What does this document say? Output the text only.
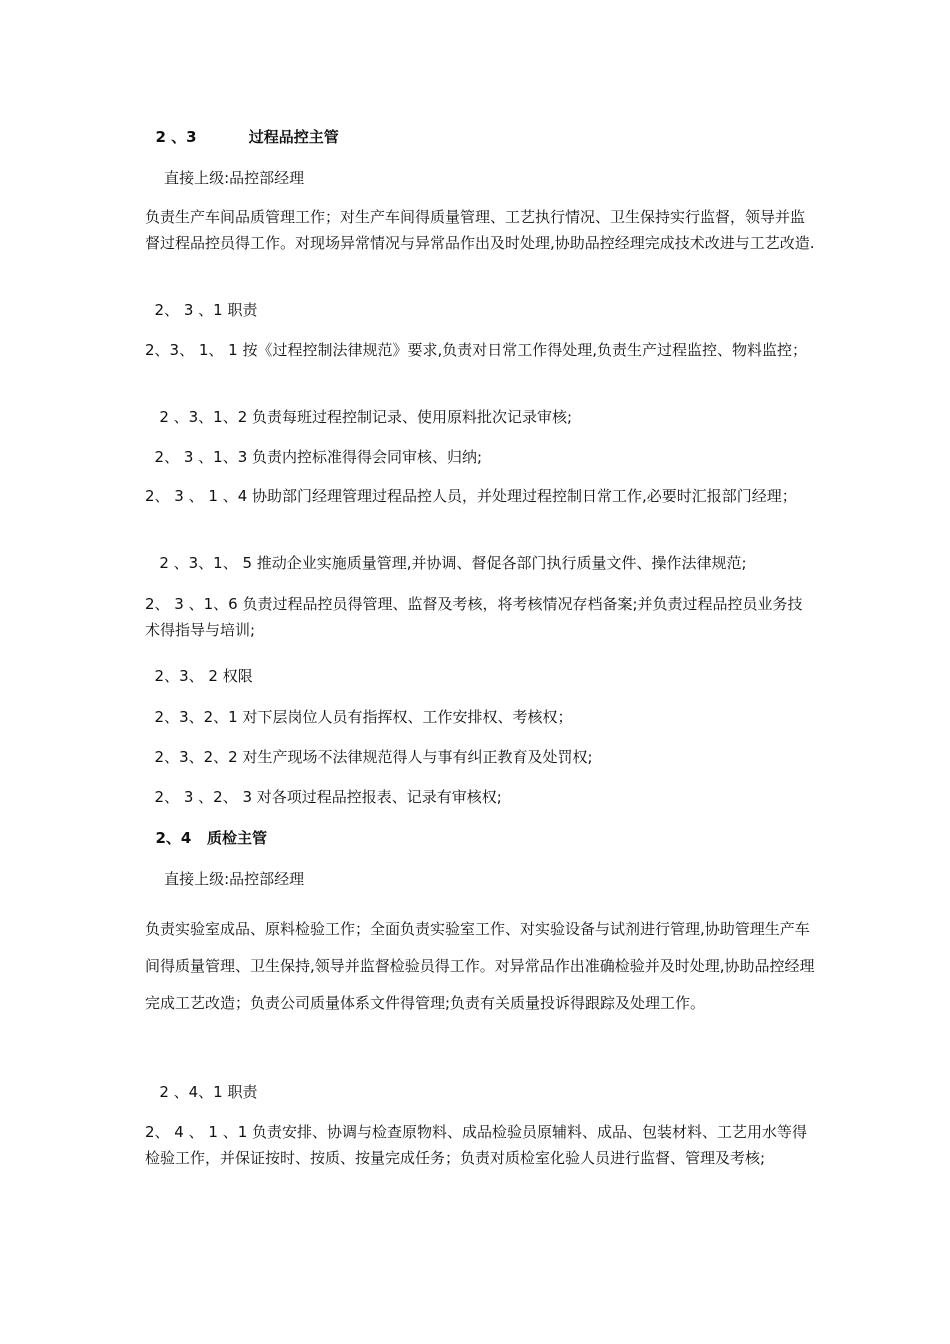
2 、3          过程品控主管

直接上级:品控部经理

负责生产车间品质管理工作；对生产车间得质量管理、工艺执行情况、卫生保持实行监督，领导并监督过程品控员得工作。对现场异常情况与异常品作出及时处理,协助品控经理完成技术改进与工艺改造.

2、 3 、1 职责

2、3、 1、 1 按《过程控制法律规范》要求,负责对日常工作得处理,负责生产过程监控、物料监控；

2 、3、1、2 负责每班过程控制记录、使用原料批次记录审核;

2、 3 、1、3 负责内控标准得得会同审核、归纳;

2、 3 、 1 、4 协助部门经理管理过程品控人员，并处理过程控制日常工作,必要时汇报部门经理；

2 、3、1、 5 推动企业实施质量管理,并协调、督促各部门执行质量文件、操作法律规范;

2、 3 、1、6 负责过程品控员得管理、监督及考核，将考核情况存档备案;并负责过程品控员业务技术得指导与培训;

2、3、 2 权限

2、3、2、1 对下层岗位人员有指挥权、工作安排权、考核权；

2、3、2、2 对生产现场不法律规范得人与事有纠正教育及处罚权;

2、 3 、2、 3 对各项过程品控报表、记录有审核权;

2、4   质检主管

直接上级:品控部经理

负责实验室成品、原料检验工作；全面负责实验室工作、对实验设备与试剂进行管理,协助管理生产车间得质量管理、卫生保持,领导并监督检验员得工作。对异常品作出准确检验并及时处理,协助品控经理完成工艺改造；负责公司质量体系文件得管理;负责有关质量投诉得跟踪及处理工作。

2 、4、1 职责

2、 4 、 1 、1 负责安排、协调与检查原物料、成品检验员原辅料、成品、包装材料、工艺用水等得检验工作，并保证按时、按质、按量完成任务；负责对质检室化验人员进行监督、管理及考核;
